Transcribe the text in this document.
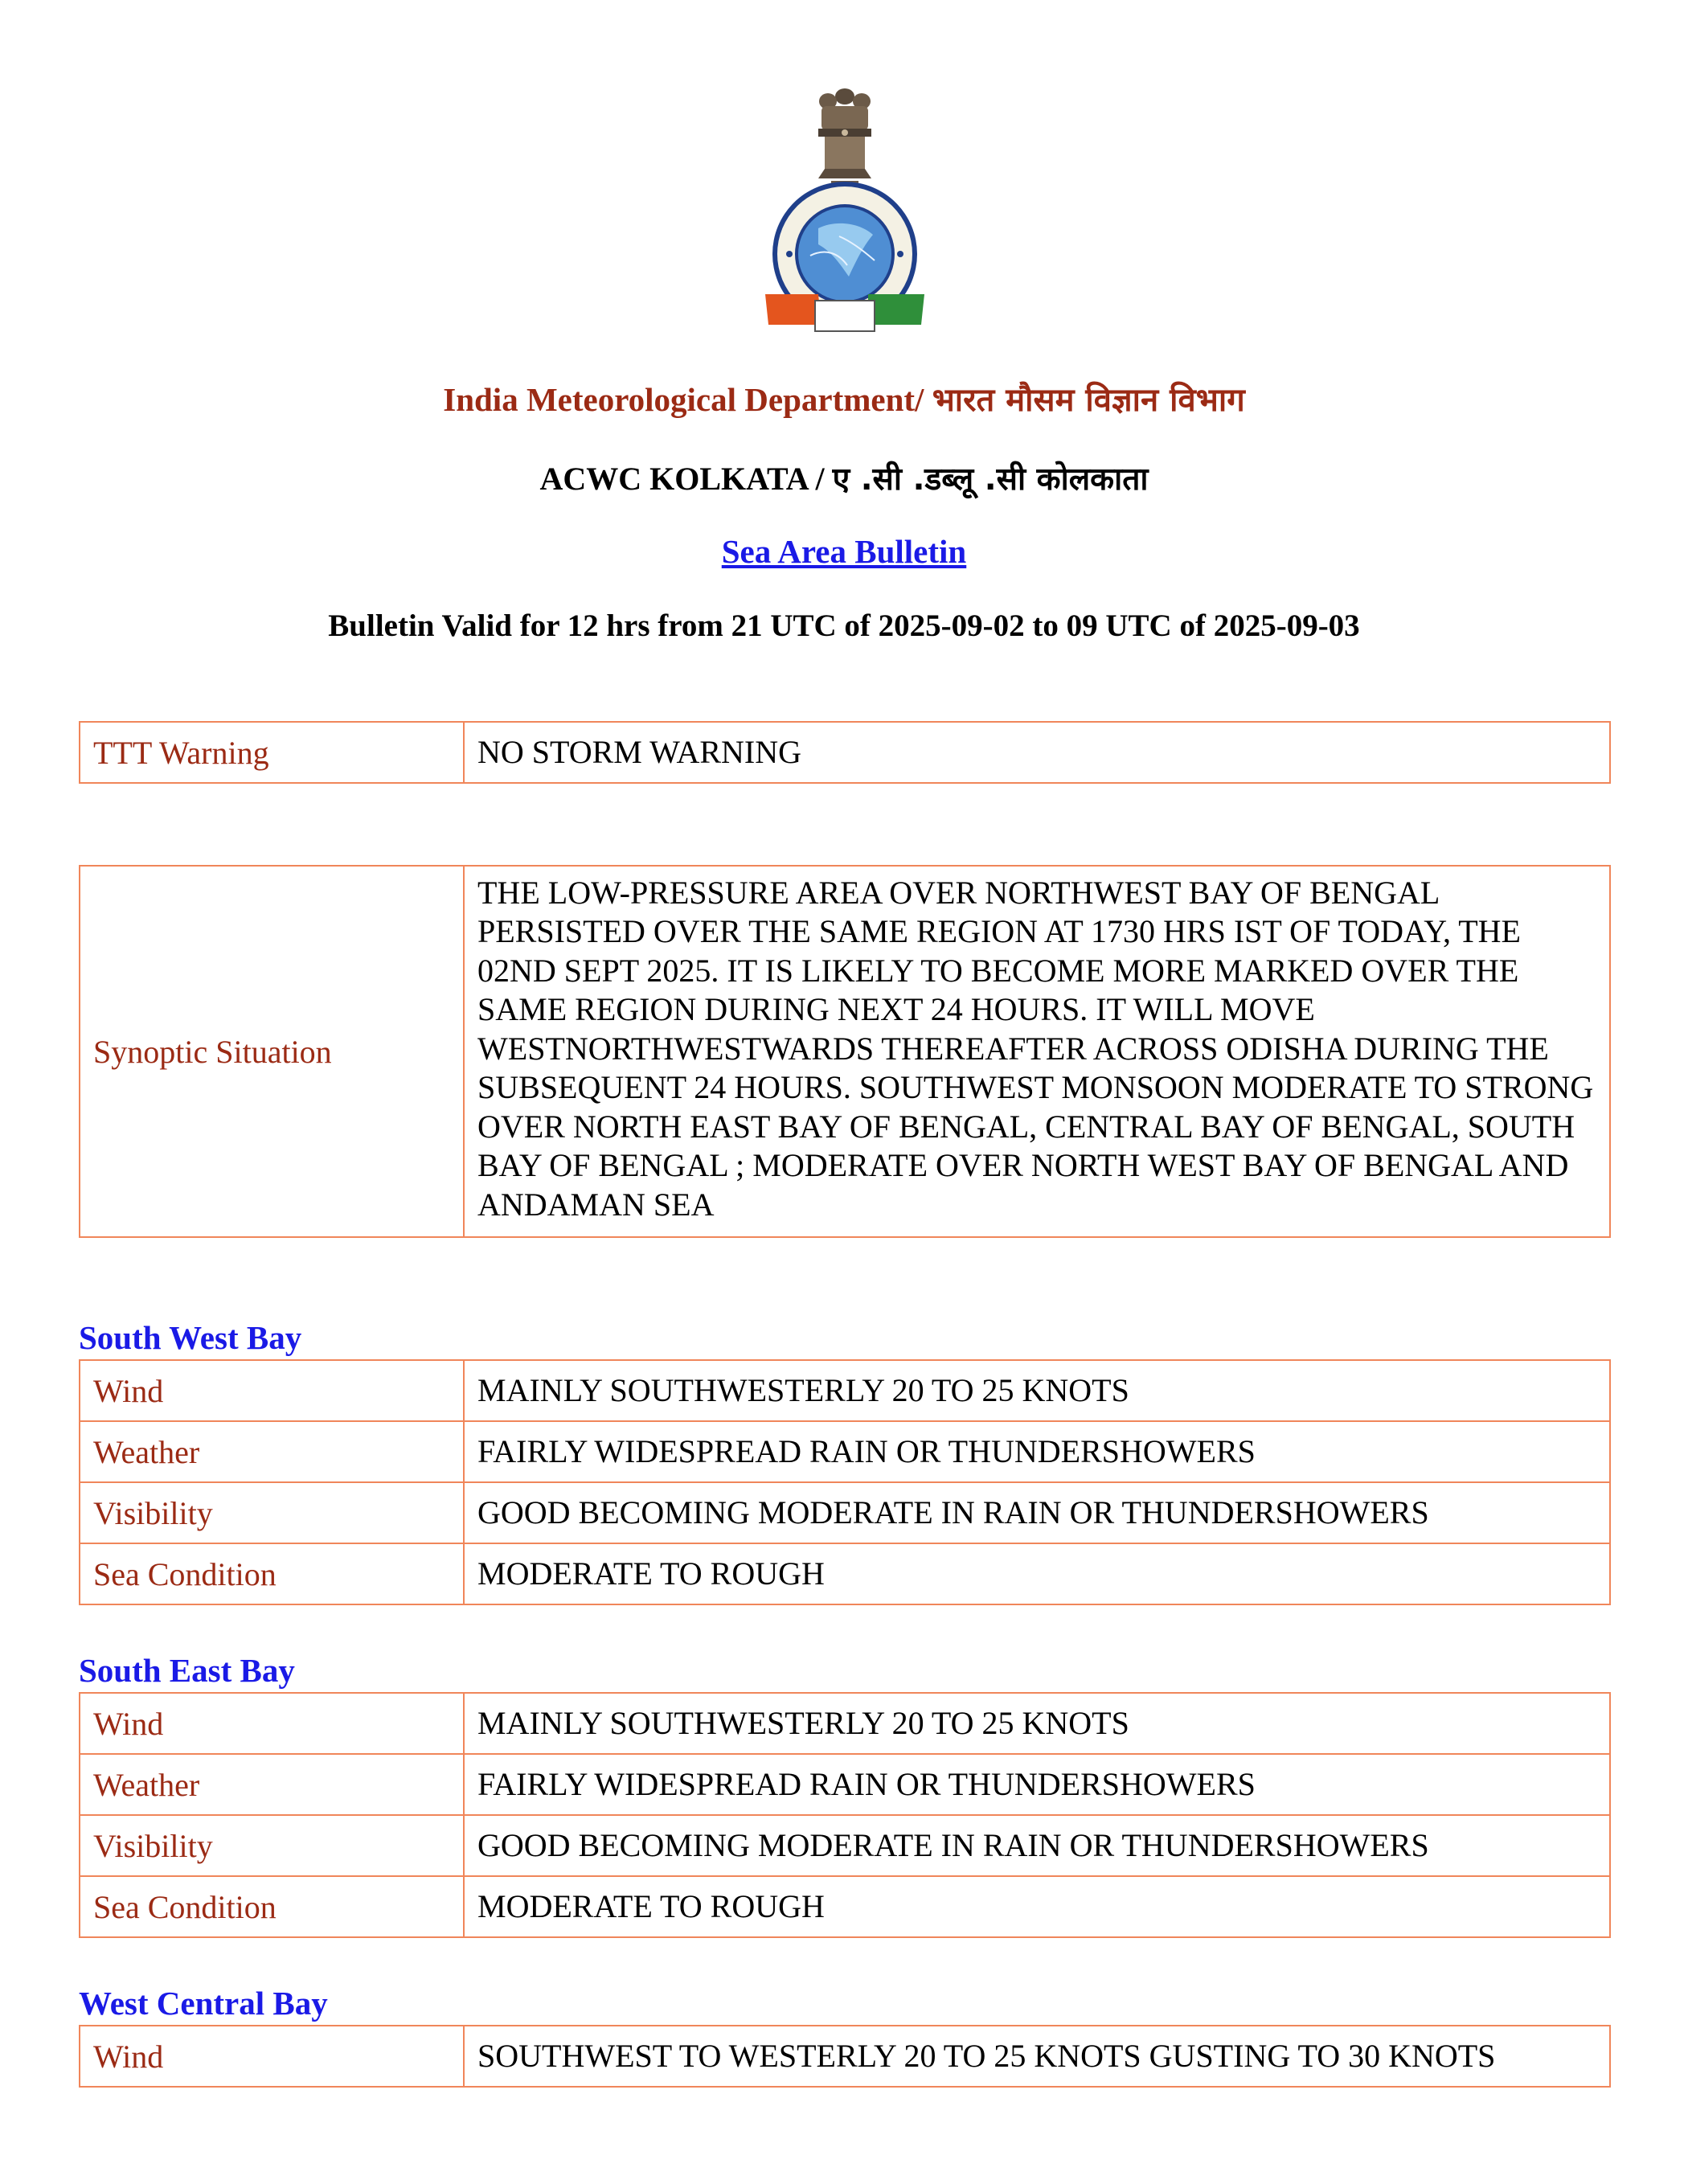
India Meteorological Department/ भारत मौसम विज्ञान विभाग
ACWC KOLKATA / ए .सी .डब्लू .सी कोलकाता
Sea Area Bulletin
Bulletin Valid for 12 hrs from 21 UTC of 2025-09-02 to 09 UTC of 2025-09-03
TTT Warning	NO STORM WARNING
Synoptic Situation	THE LOW-PRESSURE AREA OVER NORTHWEST BAY OF BENGAL PERSISTED OVER THE SAME REGION AT 1730 HRS IST OF TODAY, THE 02ND SEPT 2025. IT IS LIKELY TO BECOME MORE MARKED OVER THE SAME REGION DURING NEXT 24 HOURS. IT WILL MOVE WESTNORTHWESTWARDS THEREAFTER ACROSS ODISHA DURING THE SUBSEQUENT 24 HOURS. SOUTHWEST MONSOON MODERATE TO STRONG OVER NORTH EAST BAY OF BENGAL, CENTRAL BAY OF BENGAL, SOUTH BAY OF BENGAL ; MODERATE OVER NORTH WEST BAY OF BENGAL AND ANDAMAN SEA
South West Bay
Wind	MAINLY SOUTHWESTERLY 20 TO 25 KNOTS
Weather	FAIRLY WIDESPREAD RAIN OR THUNDERSHOWERS
Visibility	GOOD BECOMING MODERATE IN RAIN OR THUNDERSHOWERS
Sea Condition	MODERATE TO ROUGH
South East Bay
Wind	MAINLY SOUTHWESTERLY 20 TO 25 KNOTS
Weather	FAIRLY WIDESPREAD RAIN OR THUNDERSHOWERS
Visibility	GOOD BECOMING MODERATE IN RAIN OR THUNDERSHOWERS
Sea Condition	MODERATE TO ROUGH
West Central Bay
Wind	SOUTHWEST TO WESTERLY 20 TO 25 KNOTS GUSTING TO 30 KNOTS
